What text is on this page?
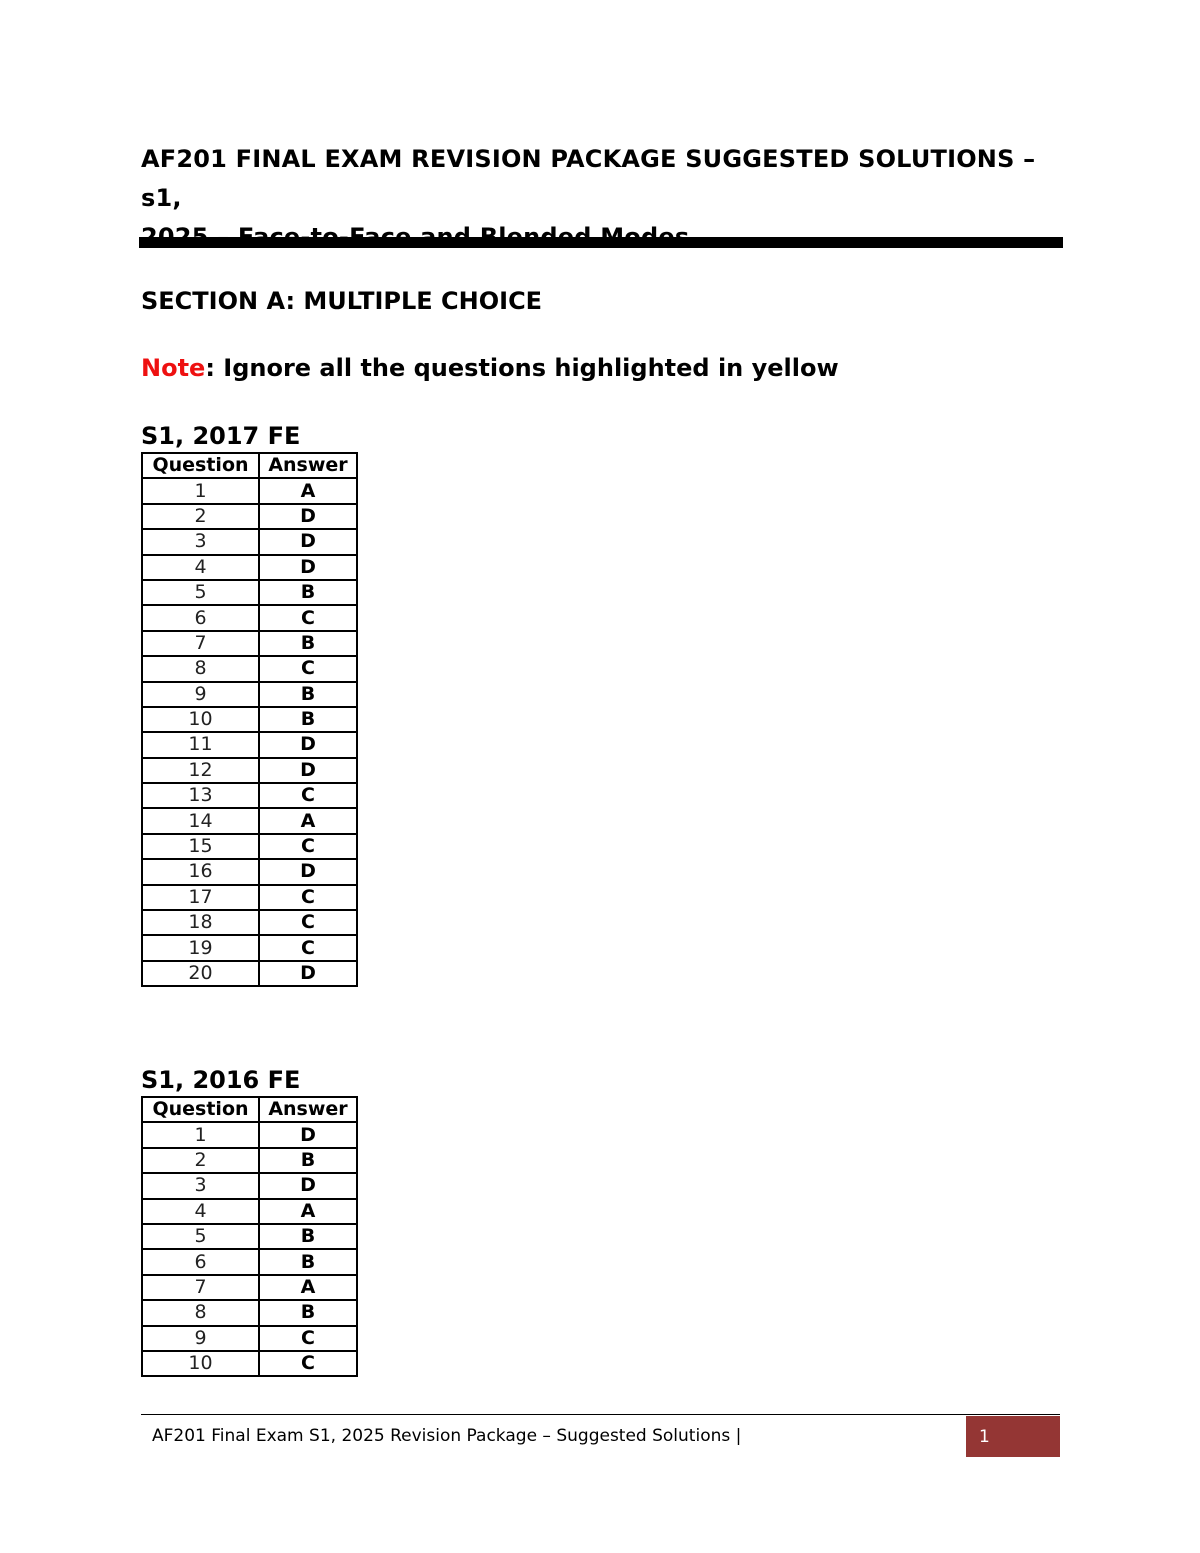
AF201 FINAL EXAM REVISION PACKAGE SUGGESTED SOLUTIONS – s1,

SECTION A: MULTIPLE CHOICE

Note: Ignore all the questions highlighted in yellow

S1, 2017 FE
Question	Answer
1	A
2	D
3	D
4	D
5	B
6	C
7	B
8	C
9	B
10	B
11	D
12	D
13	C
14	A
15	C
16	D
17	C
18	C
19	C
20	D
S1, 2016 FE
Question	Answer
1	D
2	B
3	D
4	A
5	B
6	B
7	A
8	B
9	C
10	C
AF201 Final Exam S1, 2025 Revision Package – Suggested Solutions |	1
